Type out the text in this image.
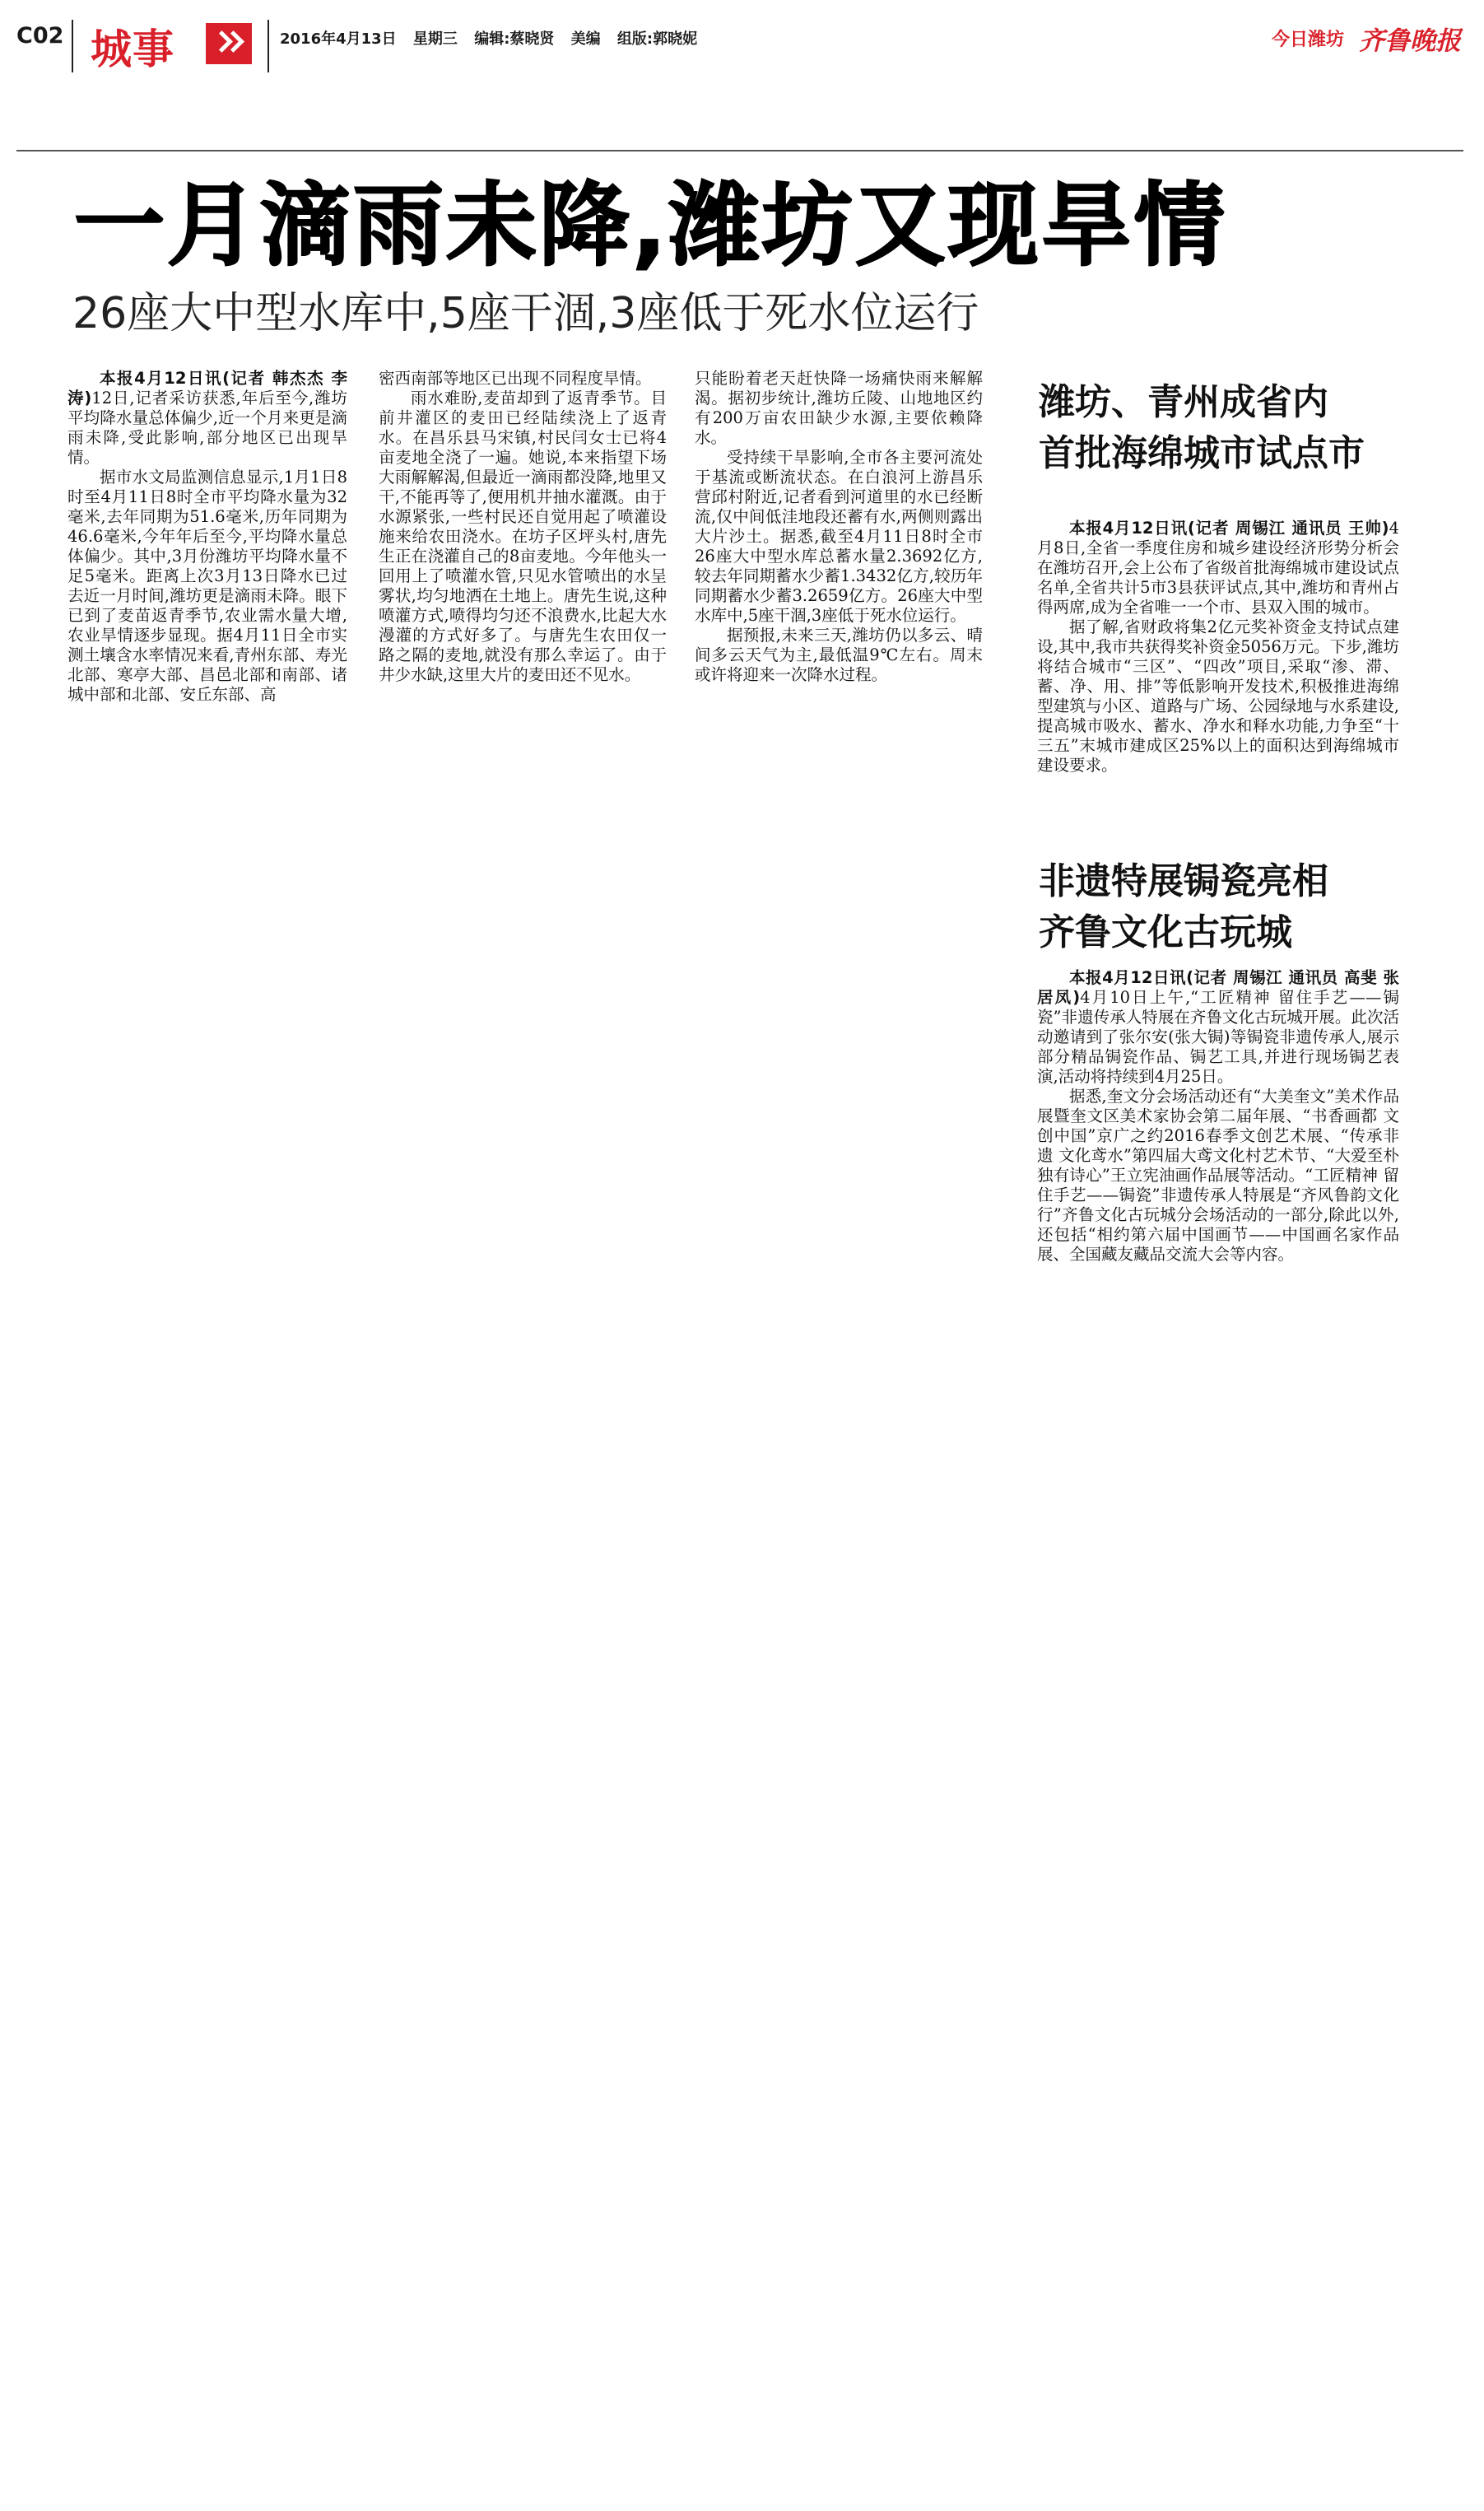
C02 城事	2016年4月13日 星期三 编辑:蔡晓贤 美编 组版:郭晓妮	今日潍坊 齐鲁晚报
一月滴雨未降,潍坊又现旱情
26座大中型水库中,5座干涸,3座低于死水位运行

本报4月12日讯(记者 韩杰杰 李涛)12日,记者采访获悉,年后至今,潍坊平均降水量总体偏少,近一个月来更是滴雨未降,受此影响,部分地区已出现旱情。

据市水文局监测信息显示,1月1日8时至4月11日8时全市平均降水量为32毫米,去年同期为51.6毫米,历年同期为46.6毫米,今年年后至今,平均降水量总体偏少。其中,3月份潍坊平均降水量不足5毫米。距离上次3月13日降水已过去近一月时间,潍坊更是滴雨未降。眼下已到了麦苗返青季节,农业需水量大增,农业旱情逐步显现。据4月11日全市实测土壤含水率情况来看,青州东部、寿光北部、寒亭大部、昌邑北部和南部、诸城中部和北部、安丘东部、高

密西南部等地区已出现不同程度旱情。

雨水难盼,麦苗却到了返青季节。目前井灌区的麦田已经陆续浇上了返青水。在昌乐县马宋镇,村民闫女士已将4亩麦地全浇了一遍。她说,本来指望下场大雨解解渴,但最近一滴雨都没降,地里又干,不能再等了,便用机井抽水灌溉。由于水源紧张,一些村民还自觉用起了喷灌设施来给农田浇水。在坊子区坪头村,唐先生正在浇灌自己的8亩麦地。今年他头一回用上了喷灌水管,只见水管喷出的水呈雾状,均匀地洒在土地上。唐先生说,这种喷灌方式,喷得均匀还不浪费水,比起大水漫灌的方式好多了。与唐先生农田仅一路之隔的麦地,就没有那么幸运了。由于井少水缺,这里大片的麦田还不见水。

只能盼着老天赶快降一场痛快雨来解解渴。据初步统计,潍坊丘陵、山地地区约有200万亩农田缺少水源,主要依赖降水。

受持续干旱影响,全市各主要河流处于基流或断流状态。在白浪河上游昌乐营邱村附近,记者看到河道里的水已经断流,仅中间低洼地段还蓄有水,两侧则露出大片沙土。据悉,截至4月11日8时全市26座大中型水库总蓄水量2.3692亿方,较去年同期蓄水少蓄1.3432亿方,较历年同期蓄水少蓄3.2659亿方。26座大中型水库中,5座干涸,3座低于死水位运行。

据预报,未来三天,潍坊仍以多云、晴间多云天气为主,最低温9℃左右。周末或许将迎来一次降水过程。

潍坊、青州成省内
首批海绵城市试点市

本报4月12日讯(记者 周锡江 通讯员 王帅)4月8日,全省一季度住房和城乡建设经济形势分析会在潍坊召开,会上公布了省级首批海绵城市建设试点名单,全省共计5市3县获评试点,其中,潍坊和青州占得两席,成为全省唯一一个市、县双入围的城市。

据了解,省财政将集2亿元奖补资金支持试点建设,其中,我市共获得奖补资金5056万元。下步,潍坊将结合城市“三区”、“四改”项目,采取“渗、滞、蓄、净、用、排”等低影响开发技术,积极推进海绵型建筑与小区、道路与广场、公园绿地与水系建设,提高城市吸水、蓄水、净水和释水功能,力争至“十三五”末城市建成区25%以上的面积达到海绵城市建设要求。

非遗特展锔瓷亮相
齐鲁文化古玩城

本报4月12日讯(记者 周锡江 通讯员 高斐 张居凤)4月10日上午,“工匠精神 留住手艺——锔瓷”非遗传承人特展在齐鲁文化古玩城开展。此次活动邀请到了张尔安(张大锔)等锔瓷非遗传承人,展示部分精品锔瓷作品、锔艺工具,并进行现场锔艺表演,活动将持续到4月25日。

据悉,奎文分会场活动还有“大美奎文”美术作品展暨奎文区美术家协会第二届年展、“书香画都 文创中国”京广之约2016春季文创艺术展、“传承非遗 文化鸢水”第四届大鸢文化村艺术节、“大爱至朴 独有诗心”王立宪油画作品展等活动。“工匠精神 留住手艺——锔瓷”非遗传承人特展是“齐风鲁韵文化行”齐鲁文化古玩城分会场活动的一部分,除此以外,还包括“相约第六届中国画节——中国画名家作品展、全国藏友藏品交流大会等内容。
